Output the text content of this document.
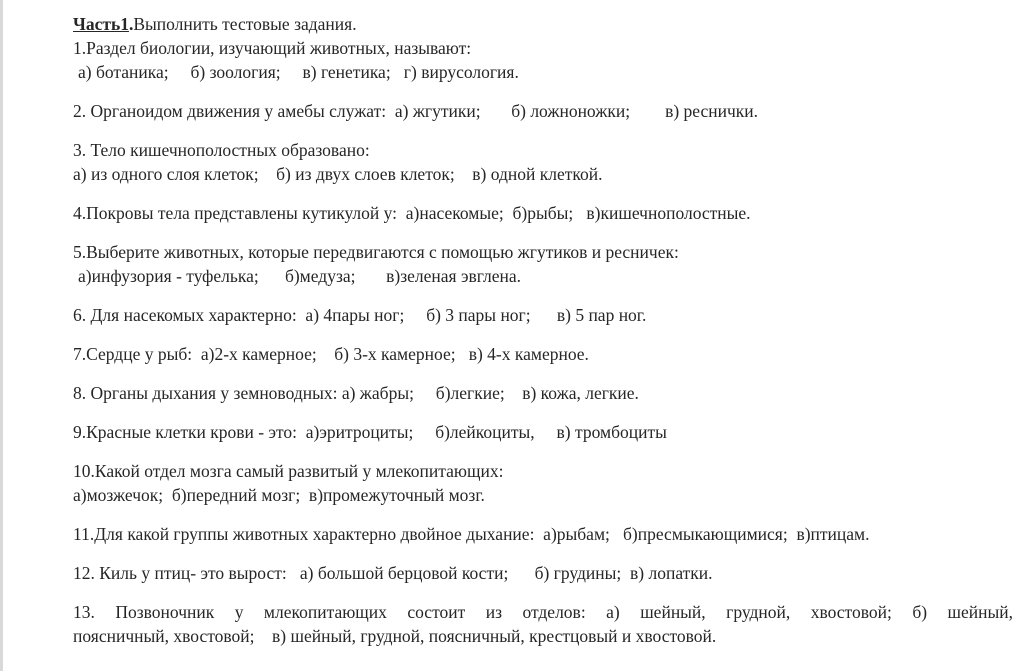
Часть1.Выполнить тестовые задания.
1.Раздел биологии, изучающий животных, называют:
а) ботаника;     б) зоология;     в) генетика;   г) вирусология.
2. Органоидом движения у амебы служат:  а) жгутики;       б) ложноножки;        в) реснички.
3. Тело кишечнополостных образовано:
а) из одного слоя клеток;    б) из двух слоев клеток;    в) одной клеткой.
4.Покровы тела представлены кутикулой у:  а)насекомые;  б)рыбы;   в)кишечнополостные.
5.Выберите животных, которые передвигаются с помощью жгутиков и ресничек:
а)инфузория - туфелька;      б)медуза;       в)зеленая эвглена.
6. Для насекомых характерно:  а) 4пары ног;     б) 3 пары ног;      в) 5 пар ног.
7.Сердце у рыб:  а)2-х камерное;    б) 3-х камерное;   в) 4-х камерное.
8. Органы дыхания у земноводных: а) жабры;     б)легкие;    в) кожа, легкие.
9.Красные клетки крови - это:  а)эритроциты;     б)лейкоциты,     в) тромбоциты
10.Какой отдел мозга самый развитый у млекопитающих:
а)мозжечок;  б)передний мозг;  в)промежуточный мозг.
11.Для какой группы животных характерно двойное дыхание:  а)рыбам;   б)пресмыкающимися;  в)птицам.
12. Киль у птиц- это вырост:   а) большой берцовой кости;      б) грудины;  в) лопатки.
13. Позвоночник у млекопитающих состоит из отделов: а) шейный, грудной, хвостовой; б) шейный,
поясничный, хвостовой;    в) шейный, грудной, поясничный, крестцовый и хвостовой.
